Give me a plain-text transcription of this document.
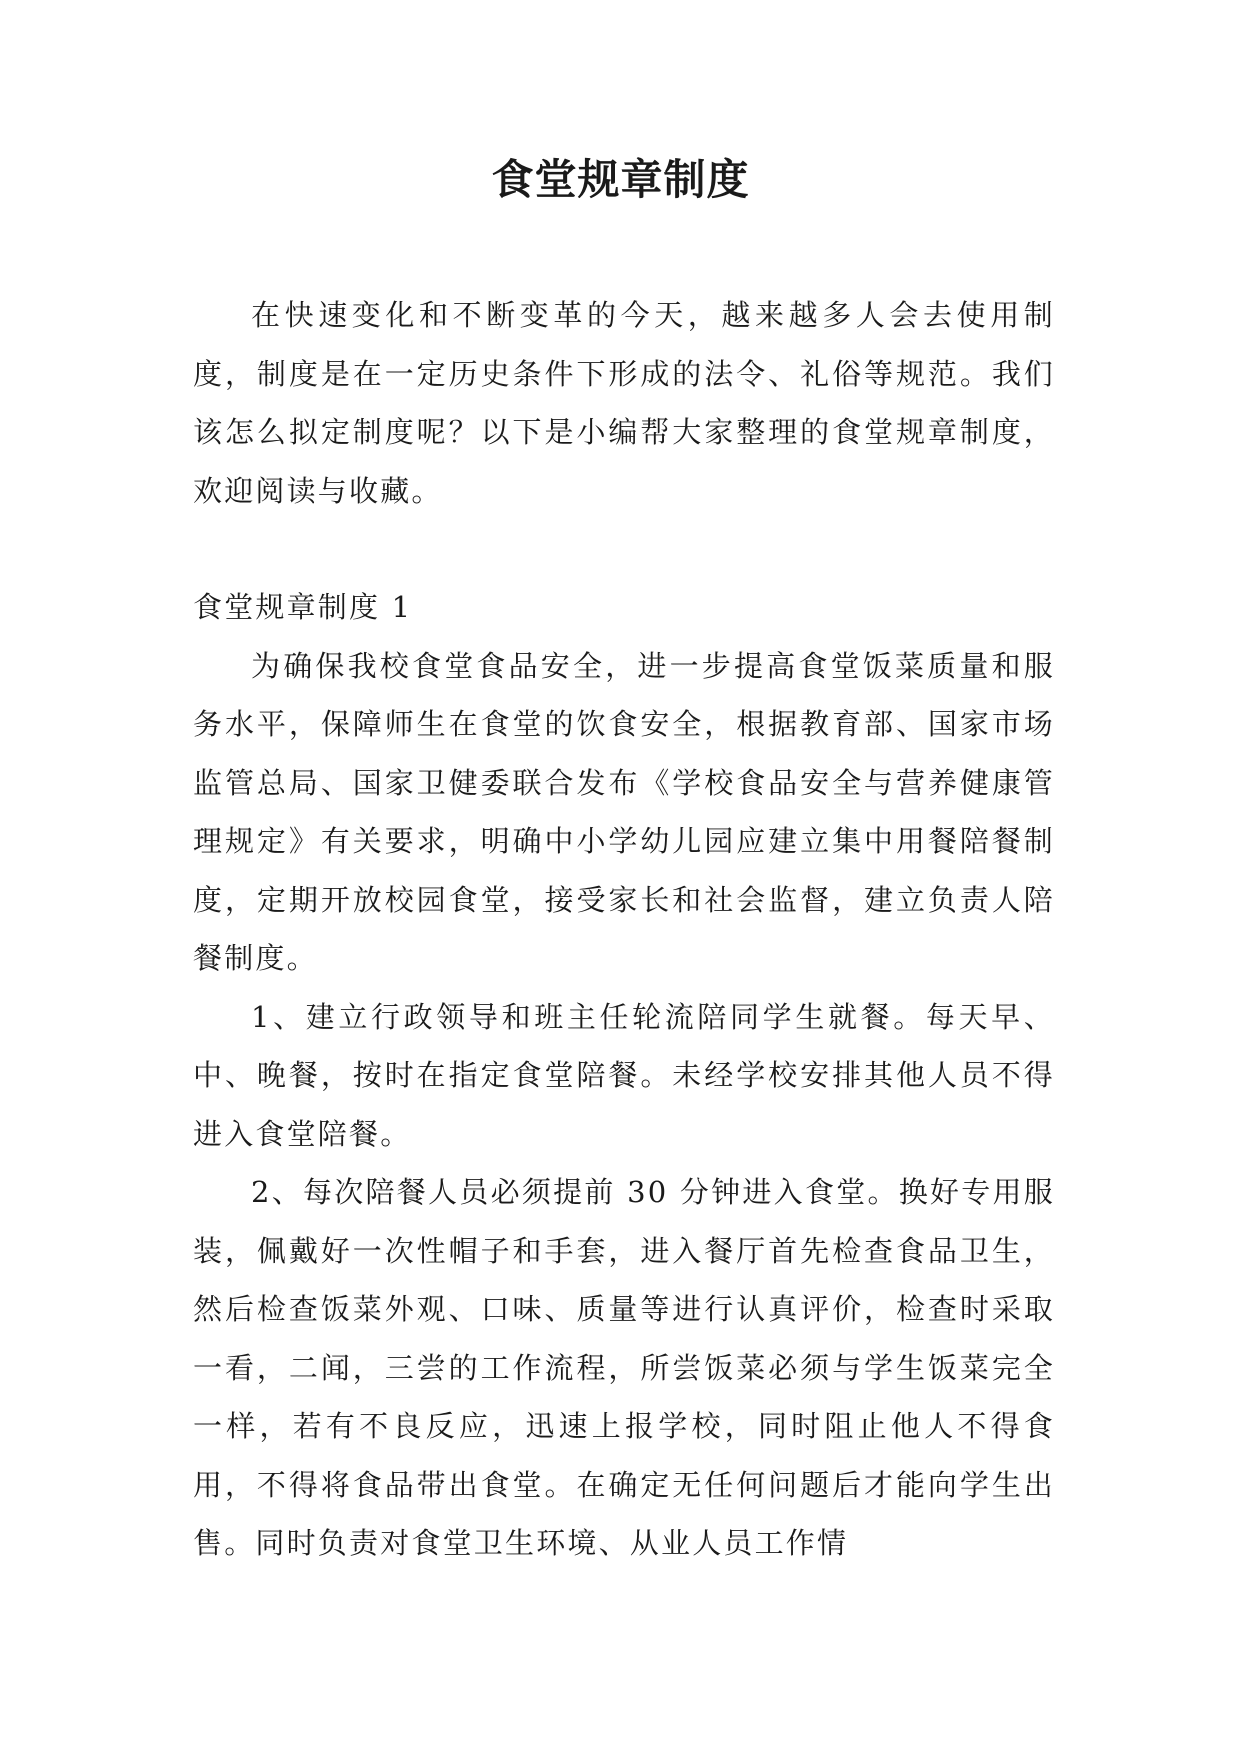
食堂规章制度

在快速变化和不断变革的今天，越来越多人会去使用制度，制度是在一定历史条件下形成的法令、礼俗等规范。我们该怎么拟定制度呢？以下是小编帮大家整理的食堂规章制度，欢迎阅读与收藏。

食堂规章制度 1

为确保我校食堂食品安全，进一步提高食堂饭菜质量和服务水平，保障师生在食堂的饮食安全，根据教育部、国家市场监管总局、国家卫健委联合发布《学校食品安全与营养健康管理规定》有关要求，明确中小学幼儿园应建立集中用餐陪餐制度，定期开放校园食堂，接受家长和社会监督，建立负责人陪餐制度。

1、建立行政领导和班主任轮流陪同学生就餐。每天早、中、晚餐，按时在指定食堂陪餐。未经学校安排其他人员不得进入食堂陪餐。

2、每次陪餐人员必须提前 30 分钟进入食堂。换好专用服装，佩戴好一次性帽子和手套，进入餐厅首先检查食品卫生，然后检查饭菜外观、口味、质量等进行认真评价，检查时采取一看，二闻，三尝的工作流程，所尝饭菜必须与学生饭菜完全一样，若有不良反应，迅速上报学校，同时阻止他人不得食用，不得将食品带出食堂。在确定无任何问题后才能向学生出售。同时负责对食堂卫生环境、从业人员工作情
